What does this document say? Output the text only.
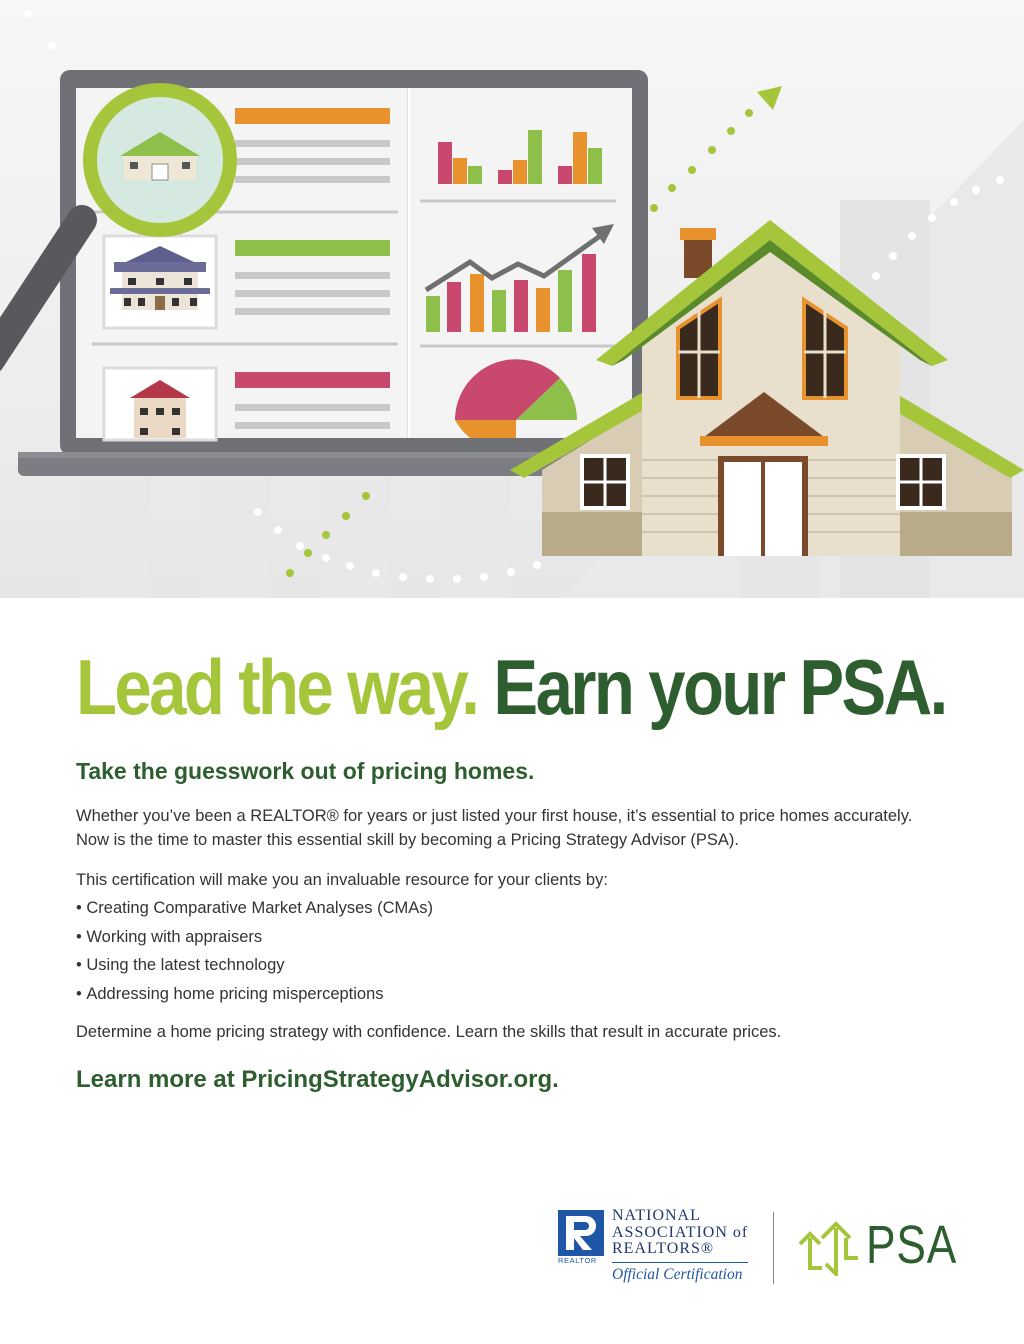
Lead the way. Earn your PSA.
Take the guesswork out of pricing homes.
Whether you’ve been a REALTOR® for years or just listed your first house, it’s essential to price homes accurately. Now is the time to master this essential skill by becoming a Pricing Strategy Advisor (PSA).
This certification will make you an invaluable resource for your clients by:
• Creating Comparative Market Analyses (CMAs)
• Working with appraisers
• Using the latest technology
• Addressing home pricing misperceptions
Determine a home pricing strategy with confidence. Learn the skills that result in accurate prices.
Learn more at PricingStrategyAdvisor.org.
REALTOR
NATIONAL
ASSOCIATION of
REALTORS®
Official Certification PSA
